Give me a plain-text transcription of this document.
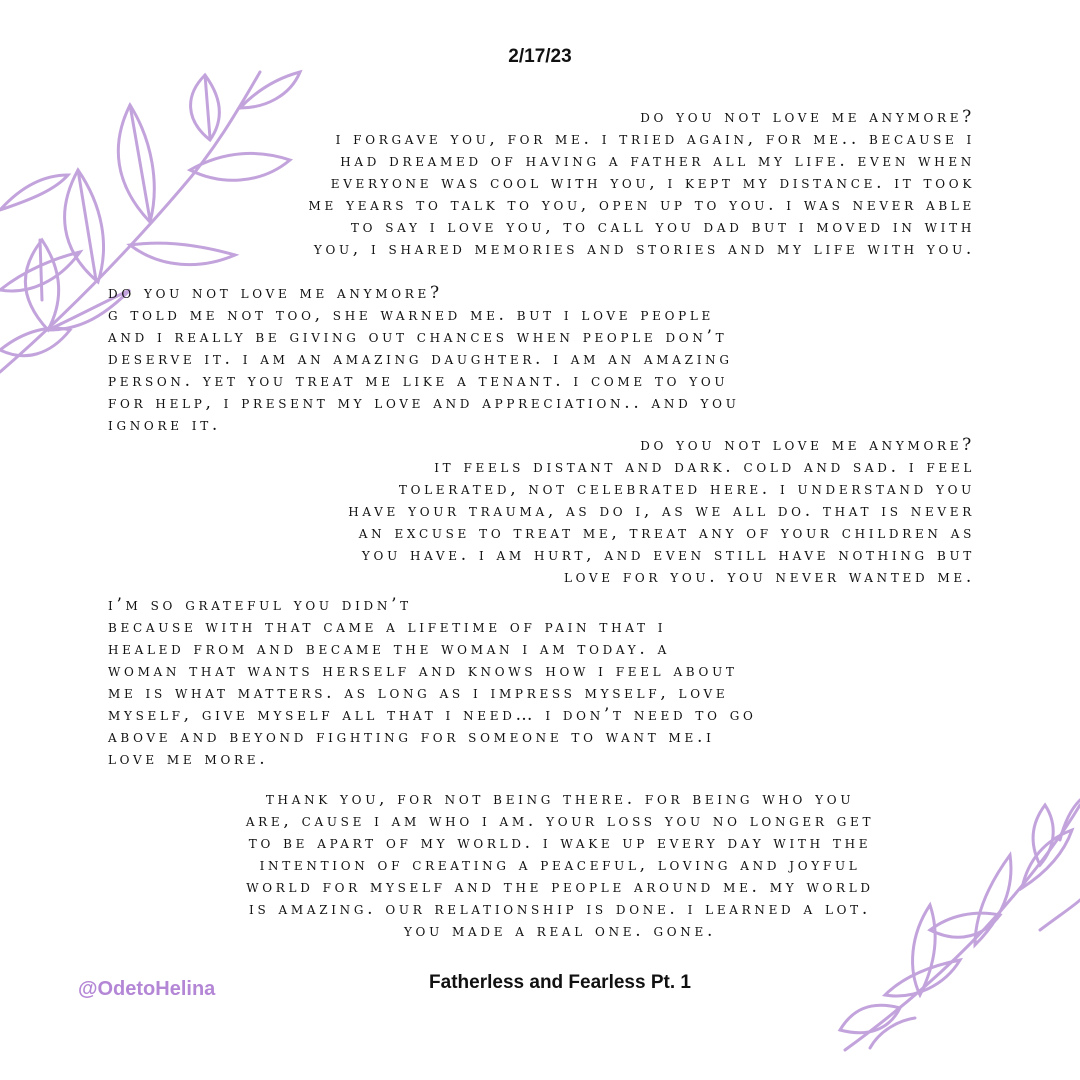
2/17/23
do you not love me anymore?
i forgave you, for me. i tried again, for me.. because i
had dreamed of having a father all my life. even when
everyone was cool with you, i kept my distance. it took
me years to talk to you, open up to you. i was never able
to say i love you, to call you dad but i moved in with
you, i shared memories and stories and my life with you.
do you not love me anymore?
g told me not too, she warned me. but i love people
and i really be giving out chances when people don’t
deserve it. i am an amazing daughter. i am an amazing
person. yet you treat me like a tenant. i come to you
for help, i present my love and appreciation.. and you
ignore it.
do you not love me anymore?
it feels distant and dark. cold and sad. i feel
tolerated, not celebrated here. i understand you
have your trauma, as do i, as we all do. that is never
an excuse to treat me, treat any of your children as
you have. i am hurt, and even still have nothing but
love for you. you never wanted me.
i’m so grateful you didn’t
because with that came a lifetime of pain that i
healed from and became the woman i am today. a
woman that wants herself and knows how i feel about
me is what matters. as long as i impress myself, love
myself, give myself all that i need… i don’t need to go
above and beyond fighting for someone to want me.i
love me more.
thank you, for not being there. for being who you
are, cause i am who i am. your loss you no longer get
to be apart of my world. i wake up every day with the
intention of creating a peaceful, loving and joyful
world for myself and the people around me. my world
is amazing. our relationship is done. i learned a lot.
you made a real one. gone.
@OdetoHelina	Fatherless and Fearless Pt. 1
